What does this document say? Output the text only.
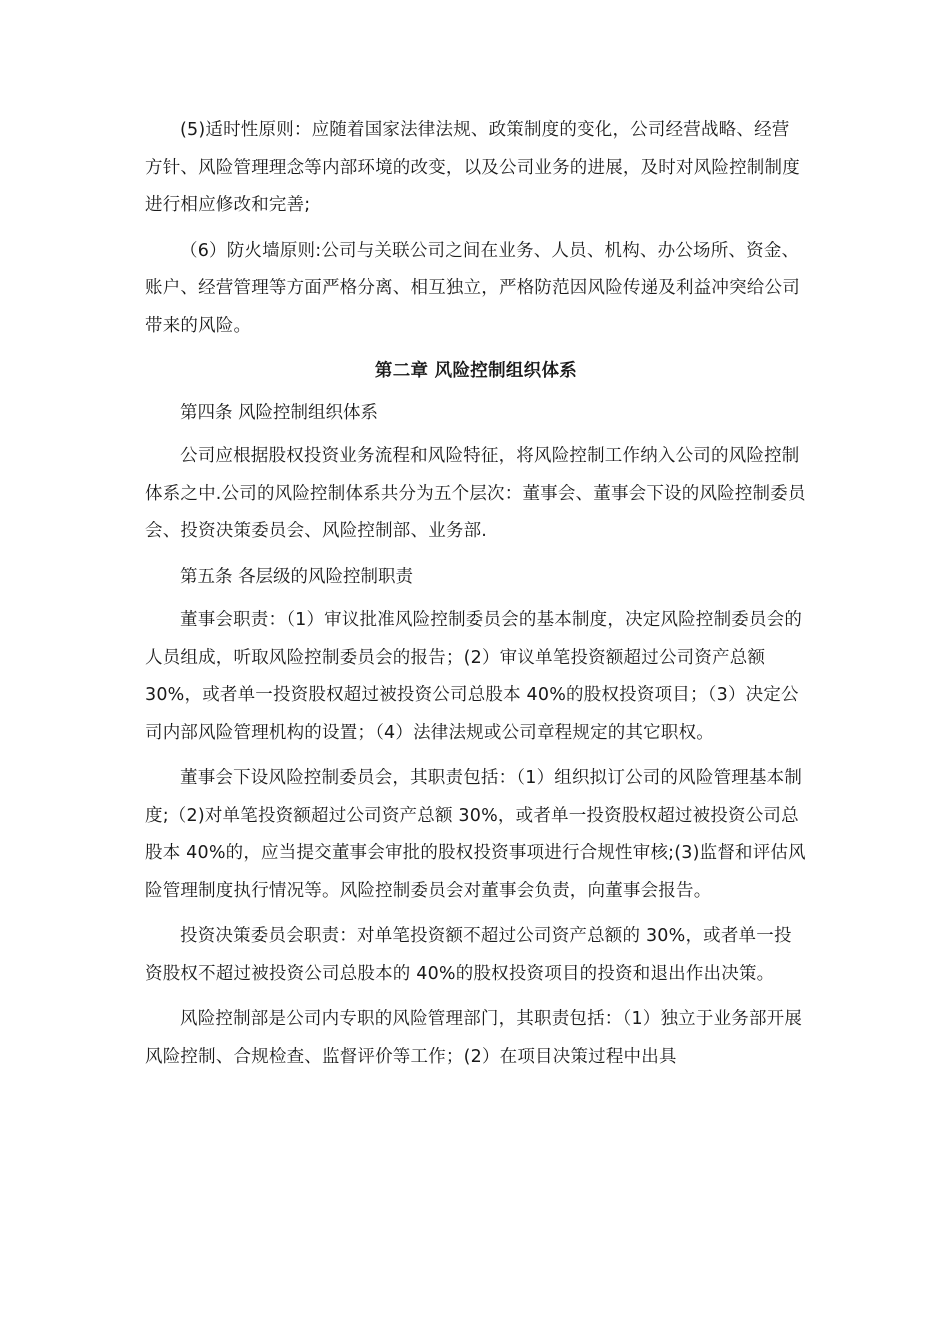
(5)适时性原则：应随着国家法律法规、政策制度的变化，公司经营战略、经营方针、风险管理理念等内部环境的改变，以及公司业务的进展，及时对风险控制制度进行相应修改和完善;

（6）防火墙原则:公司与关联公司之间在业务、人员、机构、办公场所、资金、账户、经营管理等方面严格分离、相互独立，严格防范因风险传递及利益冲突给公司带来的风险。

第二章 风险控制组织体系

第四条 风险控制组织体系

公司应根据股权投资业务流程和风险特征，将风险控制工作纳入公司的风险控制体系之中.公司的风险控制体系共分为五个层次：董事会、董事会下设的风险控制委员会、投资决策委员会、风险控制部、业务部.

第五条 各层级的风险控制职责

董事会职责：（1）审议批准风险控制委员会的基本制度，决定风险控制委员会的人员组成，听取风险控制委员会的报告；(2）审议单笔投资额超过公司资产总额 30%，或者单一投资股权超过被投资公司总股本 40%的股权投资项目；（3）决定公司内部风险管理机构的设置；（4）法律法规或公司章程规定的其它职权。

董事会下设风险控制委员会，其职责包括：（1）组织拟订公司的风险管理基本制度;（2)对单笔投资额超过公司资产总额 30%，或者单一投资股权超过被投资公司总股本 40%的，应当提交董事会审批的股权投资事项进行合规性审核;(3)监督和评估风险管理制度执行情况等。风险控制委员会对董事会负责，向董事会报告。

投资决策委员会职责：对单笔投资额不超过公司资产总额的 30%，或者单一投资股权不超过被投资公司总股本的 40%的股权投资项目的投资和退出作出决策。

风险控制部是公司内专职的风险管理部门，其职责包括：（1）独立于业务部开展风险控制、合规检查、监督评价等工作；(2）在项目决策过程中出具
